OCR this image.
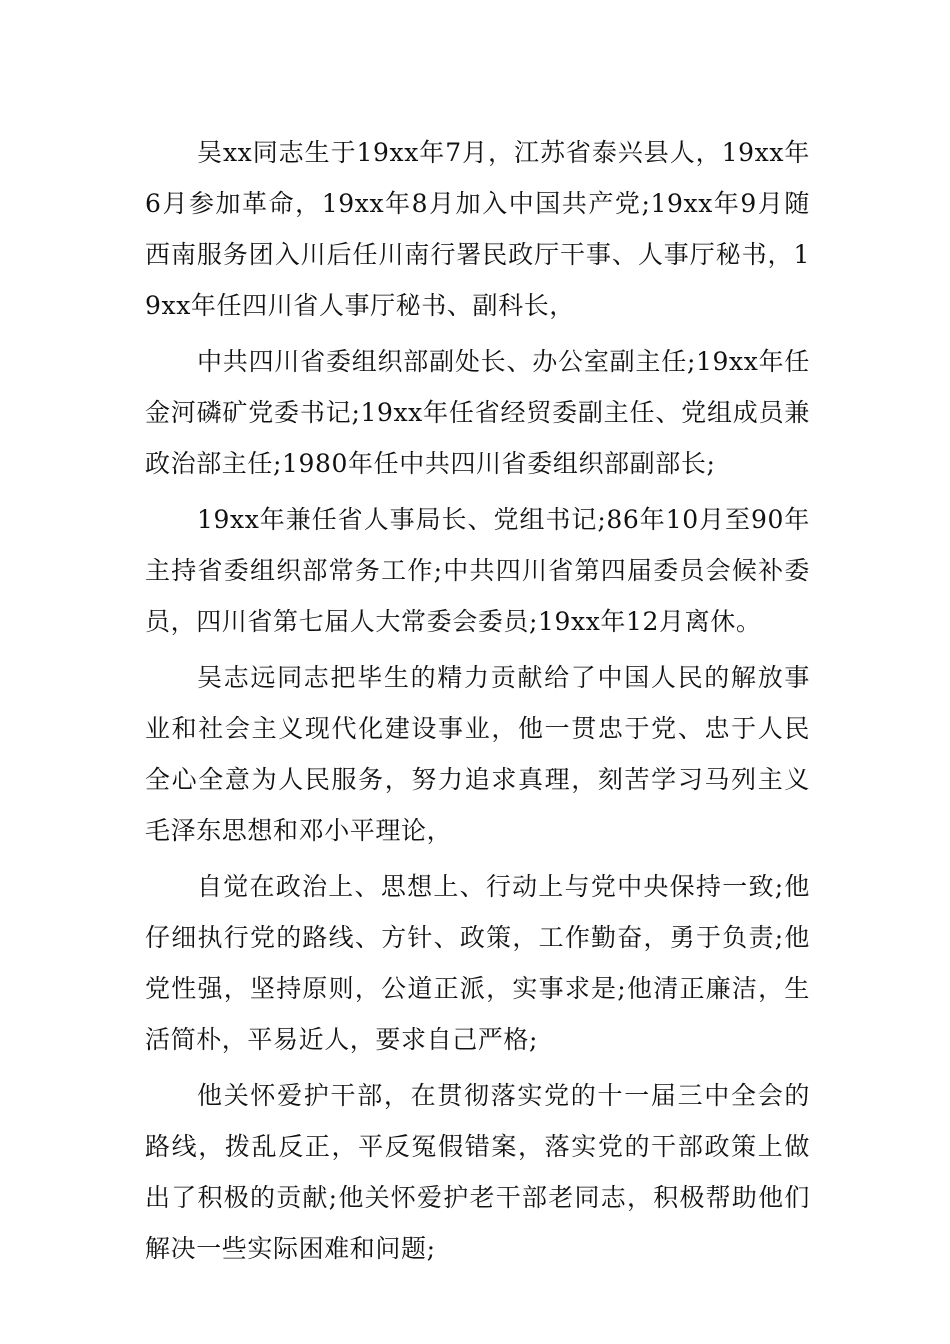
吴xx同志生于19xx年7月，江苏省泰兴县人，19xx年6月参加革命，19xx年8月加入中国共产党;19xx年9月随西南服务团入川后任川南行署民政厅干事、人事厅秘书，19xx年任四川省人事厅秘书、副科长，

中共四川省委组织部副处长、办公室副主任;19xx年任金河磷矿党委书记;19xx年任省经贸委副主任、党组成员兼政治部主任;1980年任中共四川省委组织部副部长;

19xx年兼任省人事局长、党组书记;86年10月至90年主持省委组织部常务工作;中共四川省第四届委员会候补委员，四川省第七届人大常委会委员;19xx年12月离休。

吴志远同志把毕生的精力贡献给了中国人民的解放事业和社会主义现代化建设事业，他一贯忠于党、忠于人民全心全意为人民服务，努力追求真理，刻苦学习马列主义毛泽东思想和邓小平理论，

自觉在政治上、思想上、行动上与党中央保持一致;他仔细执行党的路线、方针、政策，工作勤奋，勇于负责;他党性强，坚持原则，公道正派，实事求是;他清正廉洁，生活简朴，平易近人，要求自己严格;

他关怀爱护干部，在贯彻落实党的十一届三中全会的路线，拨乱反正，平反冤假错案，落实党的干部政策上做出了积极的贡献;他关怀爱护老干部老同志，积极帮助他们解决一些实际困难和问题;
